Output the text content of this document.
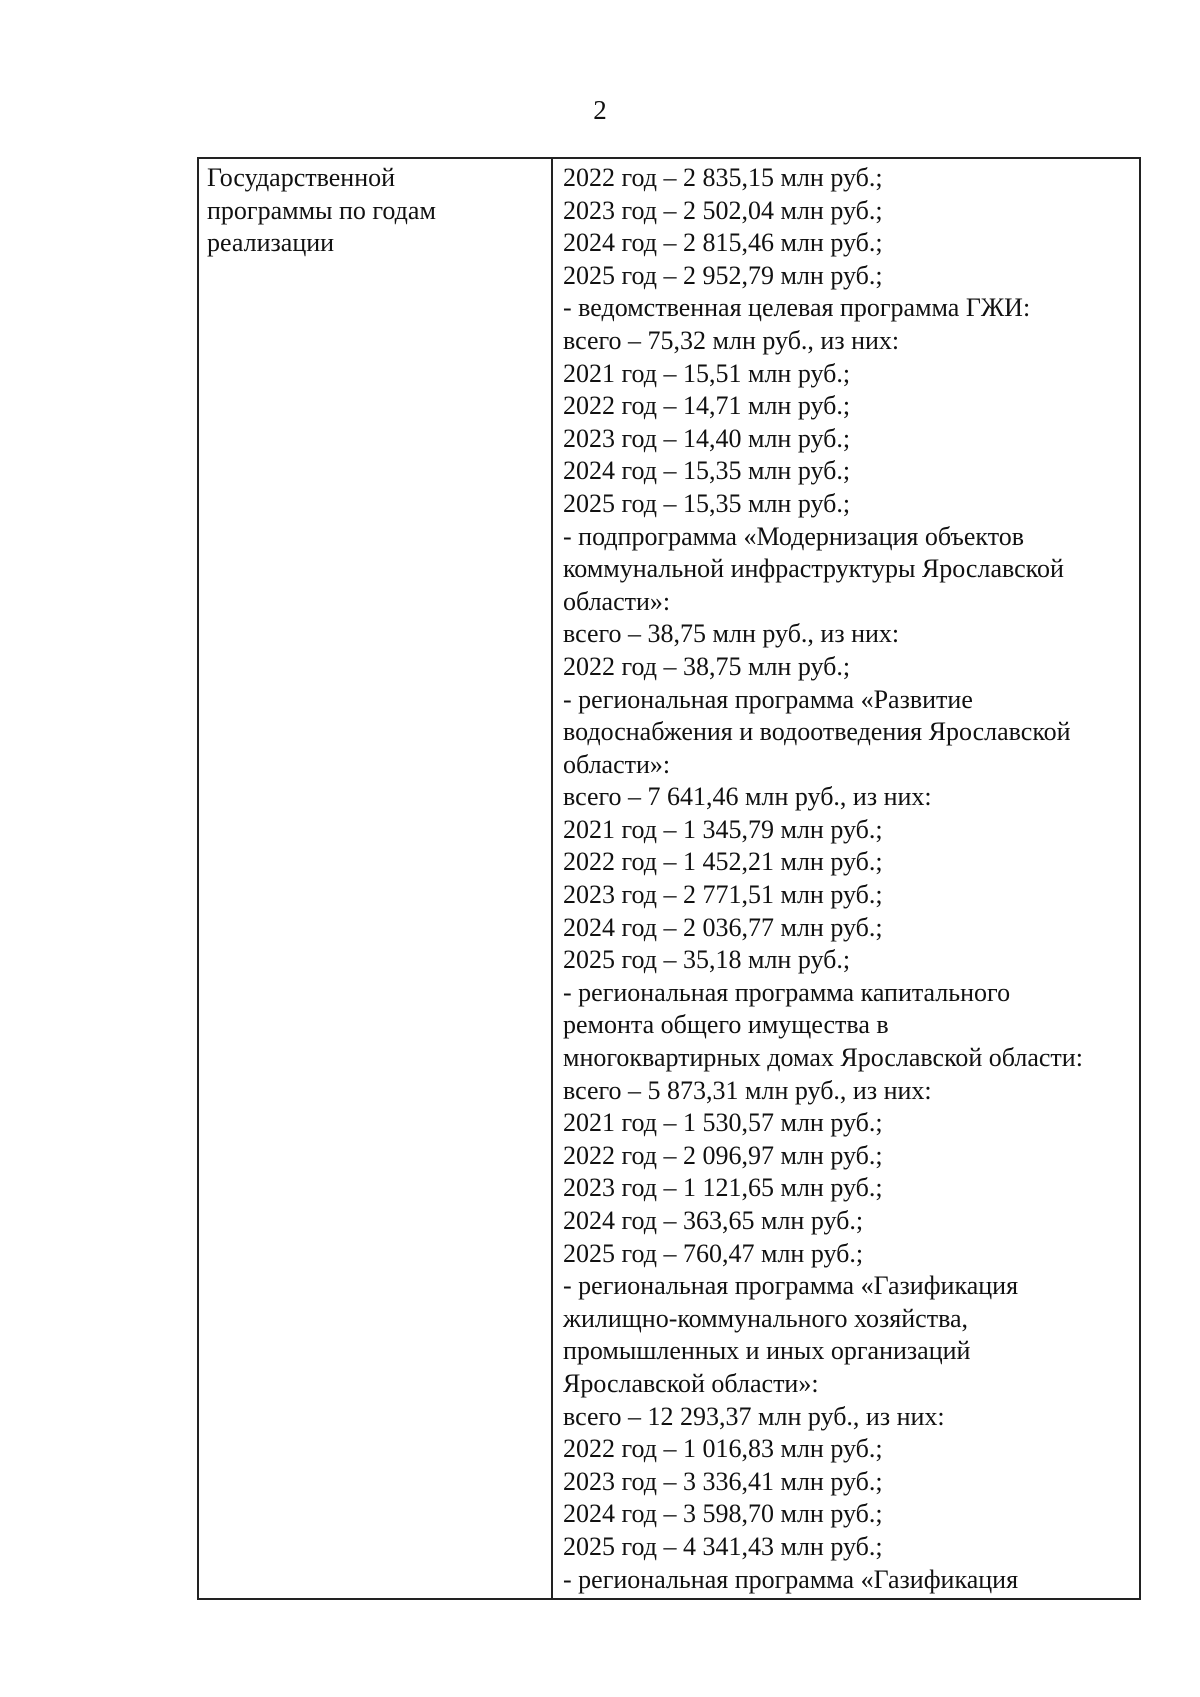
2
Государственной
программы по годам
реализации
2022 год – 2 835,15 млн руб.;
2023 год – 2 502,04 млн руб.;
2024 год – 2 815,46 млн руб.;
2025 год – 2 952,79 млн руб.;
- ведомственная целевая программа ГЖИ:
всего – 75,32 млн руб., из них:
2021 год – 15,51 млн руб.;
2022 год – 14,71 млн руб.;
2023 год – 14,40 млн руб.;
2024 год – 15,35 млн руб.;
2025 год – 15,35 млн руб.;
- подпрограмма «Модернизация объектов
коммунальной инфраструктуры Ярославской
области»:
всего – 38,75 млн руб., из них:
2022 год – 38,75 млн руб.;
- региональная программа «Развитие
водоснабжения и водоотведения Ярославской
области»:
всего – 7 641,46 млн руб., из них:
2021 год – 1 345,79 млн руб.;
2022 год – 1 452,21 млн руб.;
2023 год – 2 771,51 млн руб.;
2024 год – 2 036,77 млн руб.;
2025 год – 35,18 млн руб.;
- региональная программа капитального
ремонта общего имущества в
многоквартирных домах Ярославской области:
всего – 5 873,31 млн руб., из них:
2021 год – 1 530,57 млн руб.;
2022 год – 2 096,97 млн руб.;
2023 год – 1 121,65 млн руб.;
2024 год – 363,65 млн руб.;
2025 год – 760,47 млн руб.;
- региональная программа «Газификация
жилищно-коммунального хозяйства,
промышленных и иных организаций
Ярославской области»:
всего – 12 293,37 млн руб., из них:
2022 год – 1 016,83 млн руб.;
2023 год – 3 336,41 млн руб.;
2024 год – 3 598,70 млн руб.;
2025 год – 4 341,43 млн руб.;
- региональная программа «Газификация
